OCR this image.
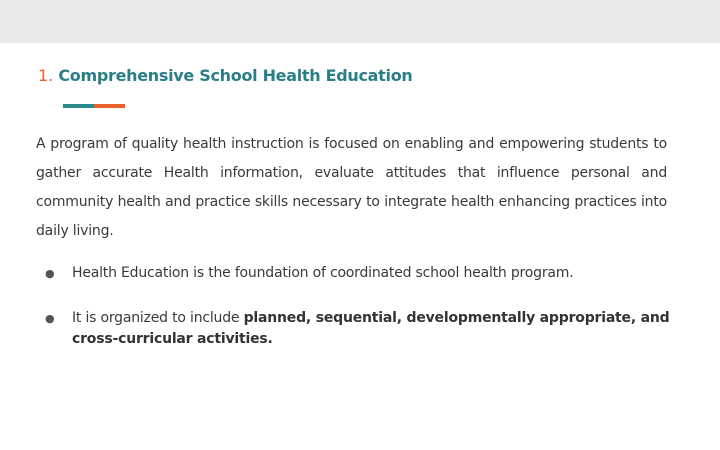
1. Comprehensive School Health Education
A program of quality health instruction is focused on enabling and empowering students to gather accurate Health information, evaluate attitudes that influence personal and community health and practice skills necessary to integrate health enhancing practices into daily living.
● Health Education is the foundation of coordinated school health program.
● It is organized to include planned, sequential, developmentally appropriate, and cross-curricular activities.
